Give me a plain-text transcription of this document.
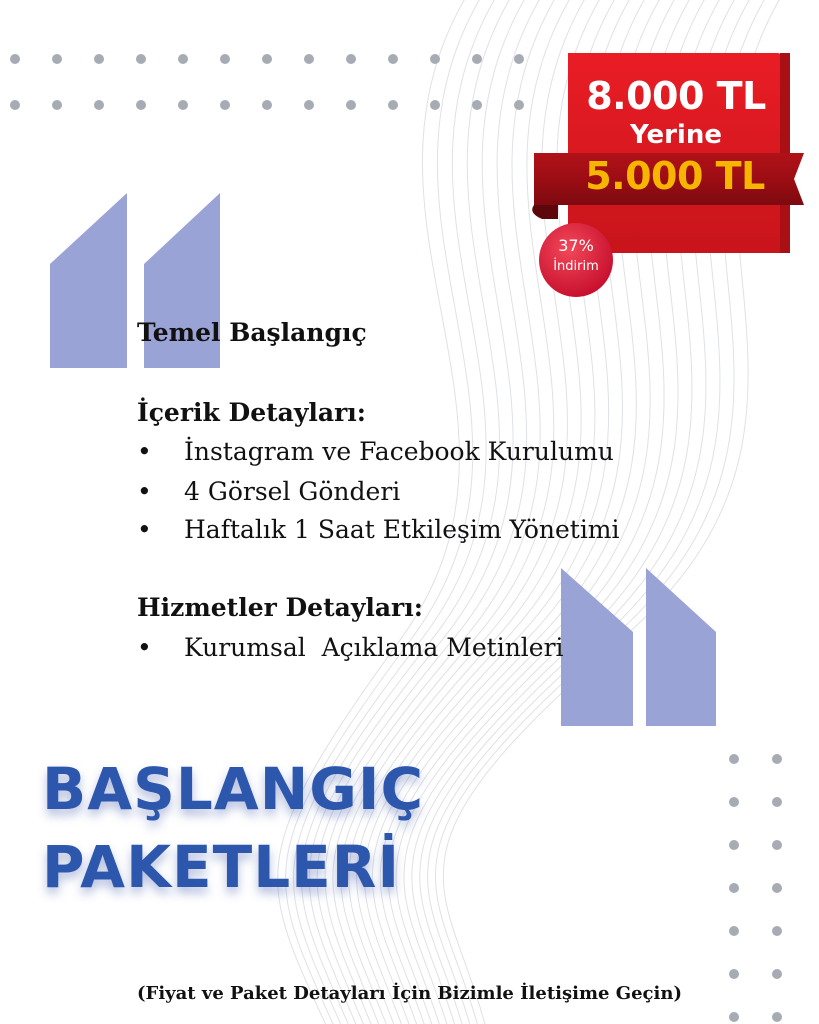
8.000 TL
Yerine
5.000 TL
37%
İndirim
Temel Başlangıç
İçerik Detayları:

•

	İnstagram ve Facebook Kurulumu

•

	4 Görsel Gönderi

•

	Haftalık 1 Saat Etkileşim Yönetimi

Hizmetler Detayları:

•

	Kurumsal  Açıklama Metinleri

BAŞLANGIÇ
PAKETLERİ
(Fiyat ve Paket Detayları İçin Bizimle İletişime Geçin)
